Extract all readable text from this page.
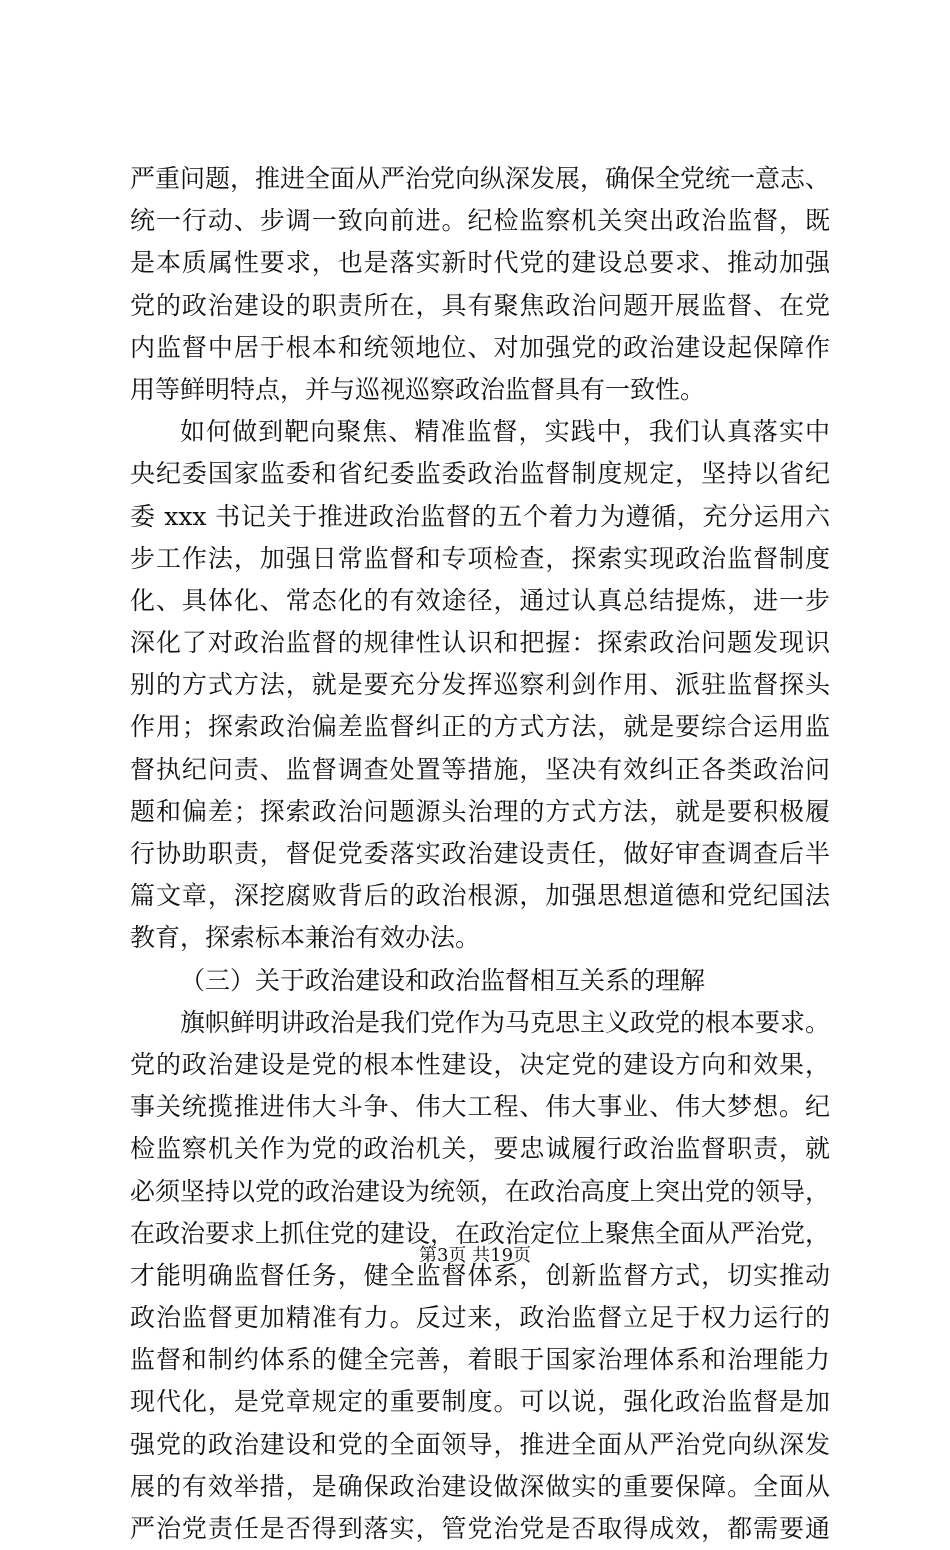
严重问题，推进全面从严治党向纵深发展，确保全党统一意志、
统一行动、步调一致向前进。纪检监察机关突出政治监督，既
是本质属性要求，也是落实新时代党的建设总要求、推动加强
党的政治建设的职责所在，具有聚焦政治问题开展监督、在党
内监督中居于根本和统领地位、对加强党的政治建设起保障作
用等鲜明特点，并与巡视巡察政治监督具有一致性。
如何做到靶向聚焦、精准监督，实践中，我们认真落实中
央纪委国家监委和省纪委监委政治监督制度规定，坚持以省纪
委 xxx 书记关于推进政治监督的五个着力为遵循，充分运用六
步工作法，加强日常监督和专项检查，探索实现政治监督制度
化、具体化、常态化的有效途径，通过认真总结提炼，进一步
深化了对政治监督的规律性认识和把握：探索政治问题发现识
别的方式方法，就是要充分发挥巡察利剑作用、派驻监督探头
作用；探索政治偏差监督纠正的方式方法，就是要综合运用监
督执纪问责、监督调查处置等措施，坚决有效纠正各类政治问
题和偏差；探索政治问题源头治理的方式方法，就是要积极履
行协助职责，督促党委落实政治建设责任，做好审查调查后半
篇文章，深挖腐败背后的政治根源，加强思想道德和党纪国法
教育，探索标本兼治有效办法。
（三）关于政治建设和政治监督相互关系的理解
旗帜鲜明讲政治是我们党作为马克思主义政党的根本要求。
党的政治建设是党的根本性建设，决定党的建设方向和效果，
事关统揽推进伟大斗争、伟大工程、伟大事业、伟大梦想。纪
检监察机关作为党的政治机关，要忠诚履行政治监督职责，就
必须坚持以党的政治建设为统领，在政治高度上突出党的领导，
在政治要求上抓住党的建设，在政治定位上聚焦全面从严治党，
才能明确监督任务，健全监督体系，创新监督方式，切实推动
政治监督更加精准有力。反过来，政治监督立足于权力运行的
监督和制约体系的健全完善，着眼于国家治理体系和治理能力
现代化，是党章规定的重要制度。可以说，强化政治监督是加
强党的政治建设和党的全面领导，推进全面从严治党向纵深发
展的有效举措，是确保政治建设做深做实的重要保障。全面从
严治党责任是否得到落实，管党治党是否取得成效，都需要通
第3页 共19页
